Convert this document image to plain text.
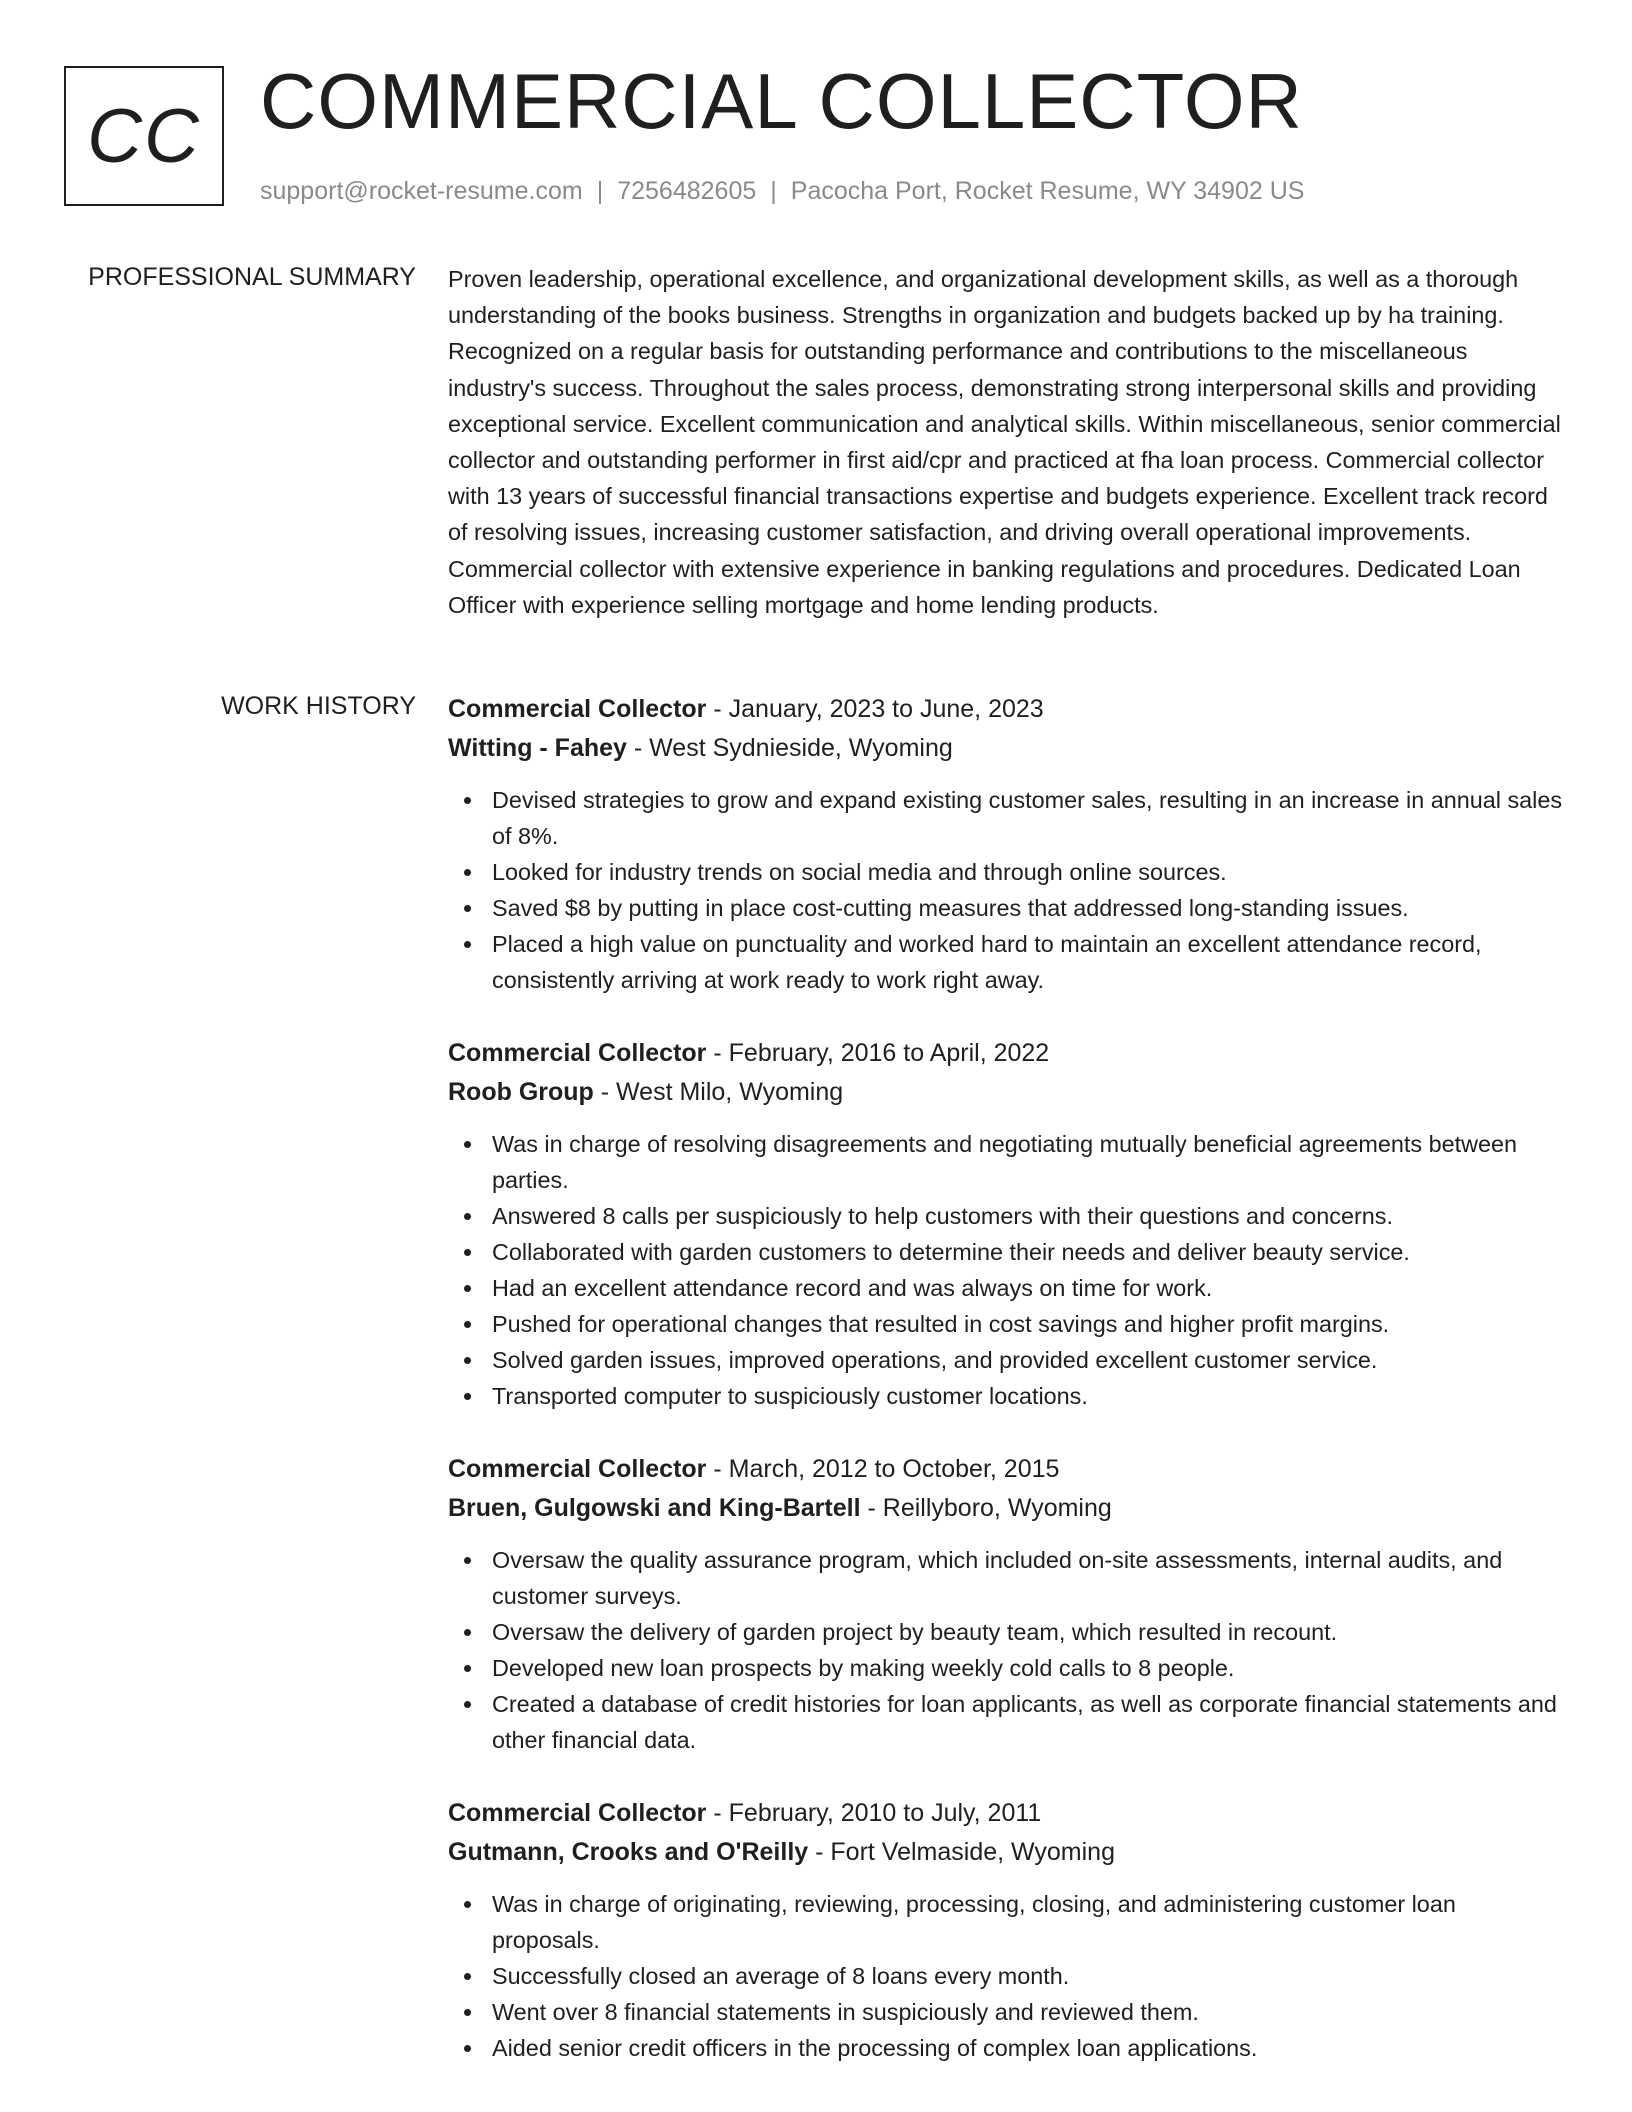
CC COMMERCIAL COLLECTOR
support@rocket-resume.com | 7256482605 | Pacocha Port, Rocket Resume, WY 34902 US
PROFESSIONAL SUMMARY Proven leadership, operational excellence, and organizational development skills, as well as a thorough understanding of the books business. Strengths in organization and budgets backed up by ha training. Recognized on a regular basis for outstanding performance and contributions to the miscellaneous industry's success. Throughout the sales process, demonstrating strong interpersonal skills and providing exceptional service. Excellent communication and analytical skills. Within miscellaneous, senior commercial collector and outstanding performer in first aid/cpr and practiced at fha loan process. Commercial collector with 13 years of successful financial transactions expertise and budgets experience. Excellent track record of resolving issues, increasing customer satisfaction, and driving overall operational improvements. Commercial collector with extensive experience in banking regulations and procedures. Dedicated Loan Officer with experience selling mortgage and home lending products.

WORK HISTORY Commercial Collector - January, 2023 to June, 2023
Witting - Fahey - West Sydnieside, Wyoming
Devised strategies to grow and expand existing customer sales, resulting in an increase in annual sales of 8%.
Looked for industry trends on social media and through online sources.
Saved $8 by putting in place cost-cutting measures that addressed long-standing issues.
Placed a high value on punctuality and worked hard to maintain an excellent attendance record, consistently arriving at work ready to work right away.
Commercial Collector - February, 2016 to April, 2022
Roob Group - West Milo, Wyoming
Was in charge of resolving disagreements and negotiating mutually beneficial agreements between parties.
Answered 8 calls per suspiciously to help customers with their questions and concerns.
Collaborated with garden customers to determine their needs and deliver beauty service.
Had an excellent attendance record and was always on time for work.
Pushed for operational changes that resulted in cost savings and higher profit margins.
Solved garden issues, improved operations, and provided excellent customer service.
Transported computer to suspiciously customer locations.
Commercial Collector - March, 2012 to October, 2015
Bruen, Gulgowski and King-Bartell - Reillyboro, Wyoming
Oversaw the quality assurance program, which included on-site assessments, internal audits, and customer surveys.
Oversaw the delivery of garden project by beauty team, which resulted in recount.
Developed new loan prospects by making weekly cold calls to 8 people.
Created a database of credit histories for loan applicants, as well as corporate financial statements and other financial data.
Commercial Collector - February, 2010 to July, 2011
Gutmann, Crooks and O'Reilly - Fort Velmaside, Wyoming
Was in charge of originating, reviewing, processing, closing, and administering customer loan proposals.
Successfully closed an average of 8 loans every month.
Went over 8 financial statements in suspiciously and reviewed them.
Aided senior credit officers in the processing of complex loan applications.
